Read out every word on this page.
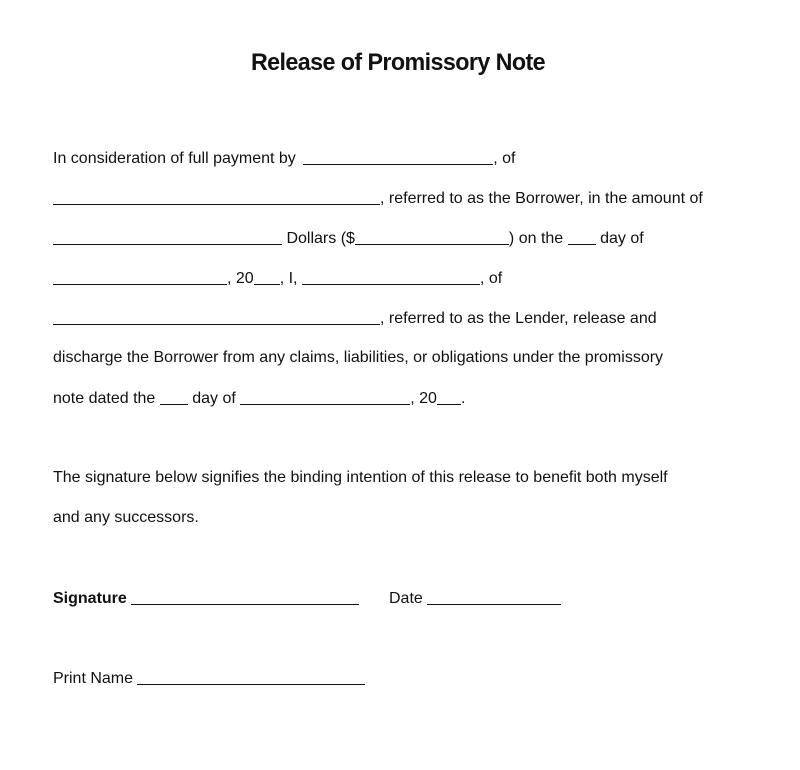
Release of Promissory Note
In consideration of full payment by	, of
, referred to as the Borrower, in the amount of
Dollars ($	) on the day of
, 20 , I,	, of
, referred to as the Lender, release and
discharge the Borrower from any claims, liabilities, or obligations under the promissory
note dated the day of	, 20 .
The signature below signifies the binding intention of this release to benefit both myself
and any successors.
Signature	Date
Print Name
